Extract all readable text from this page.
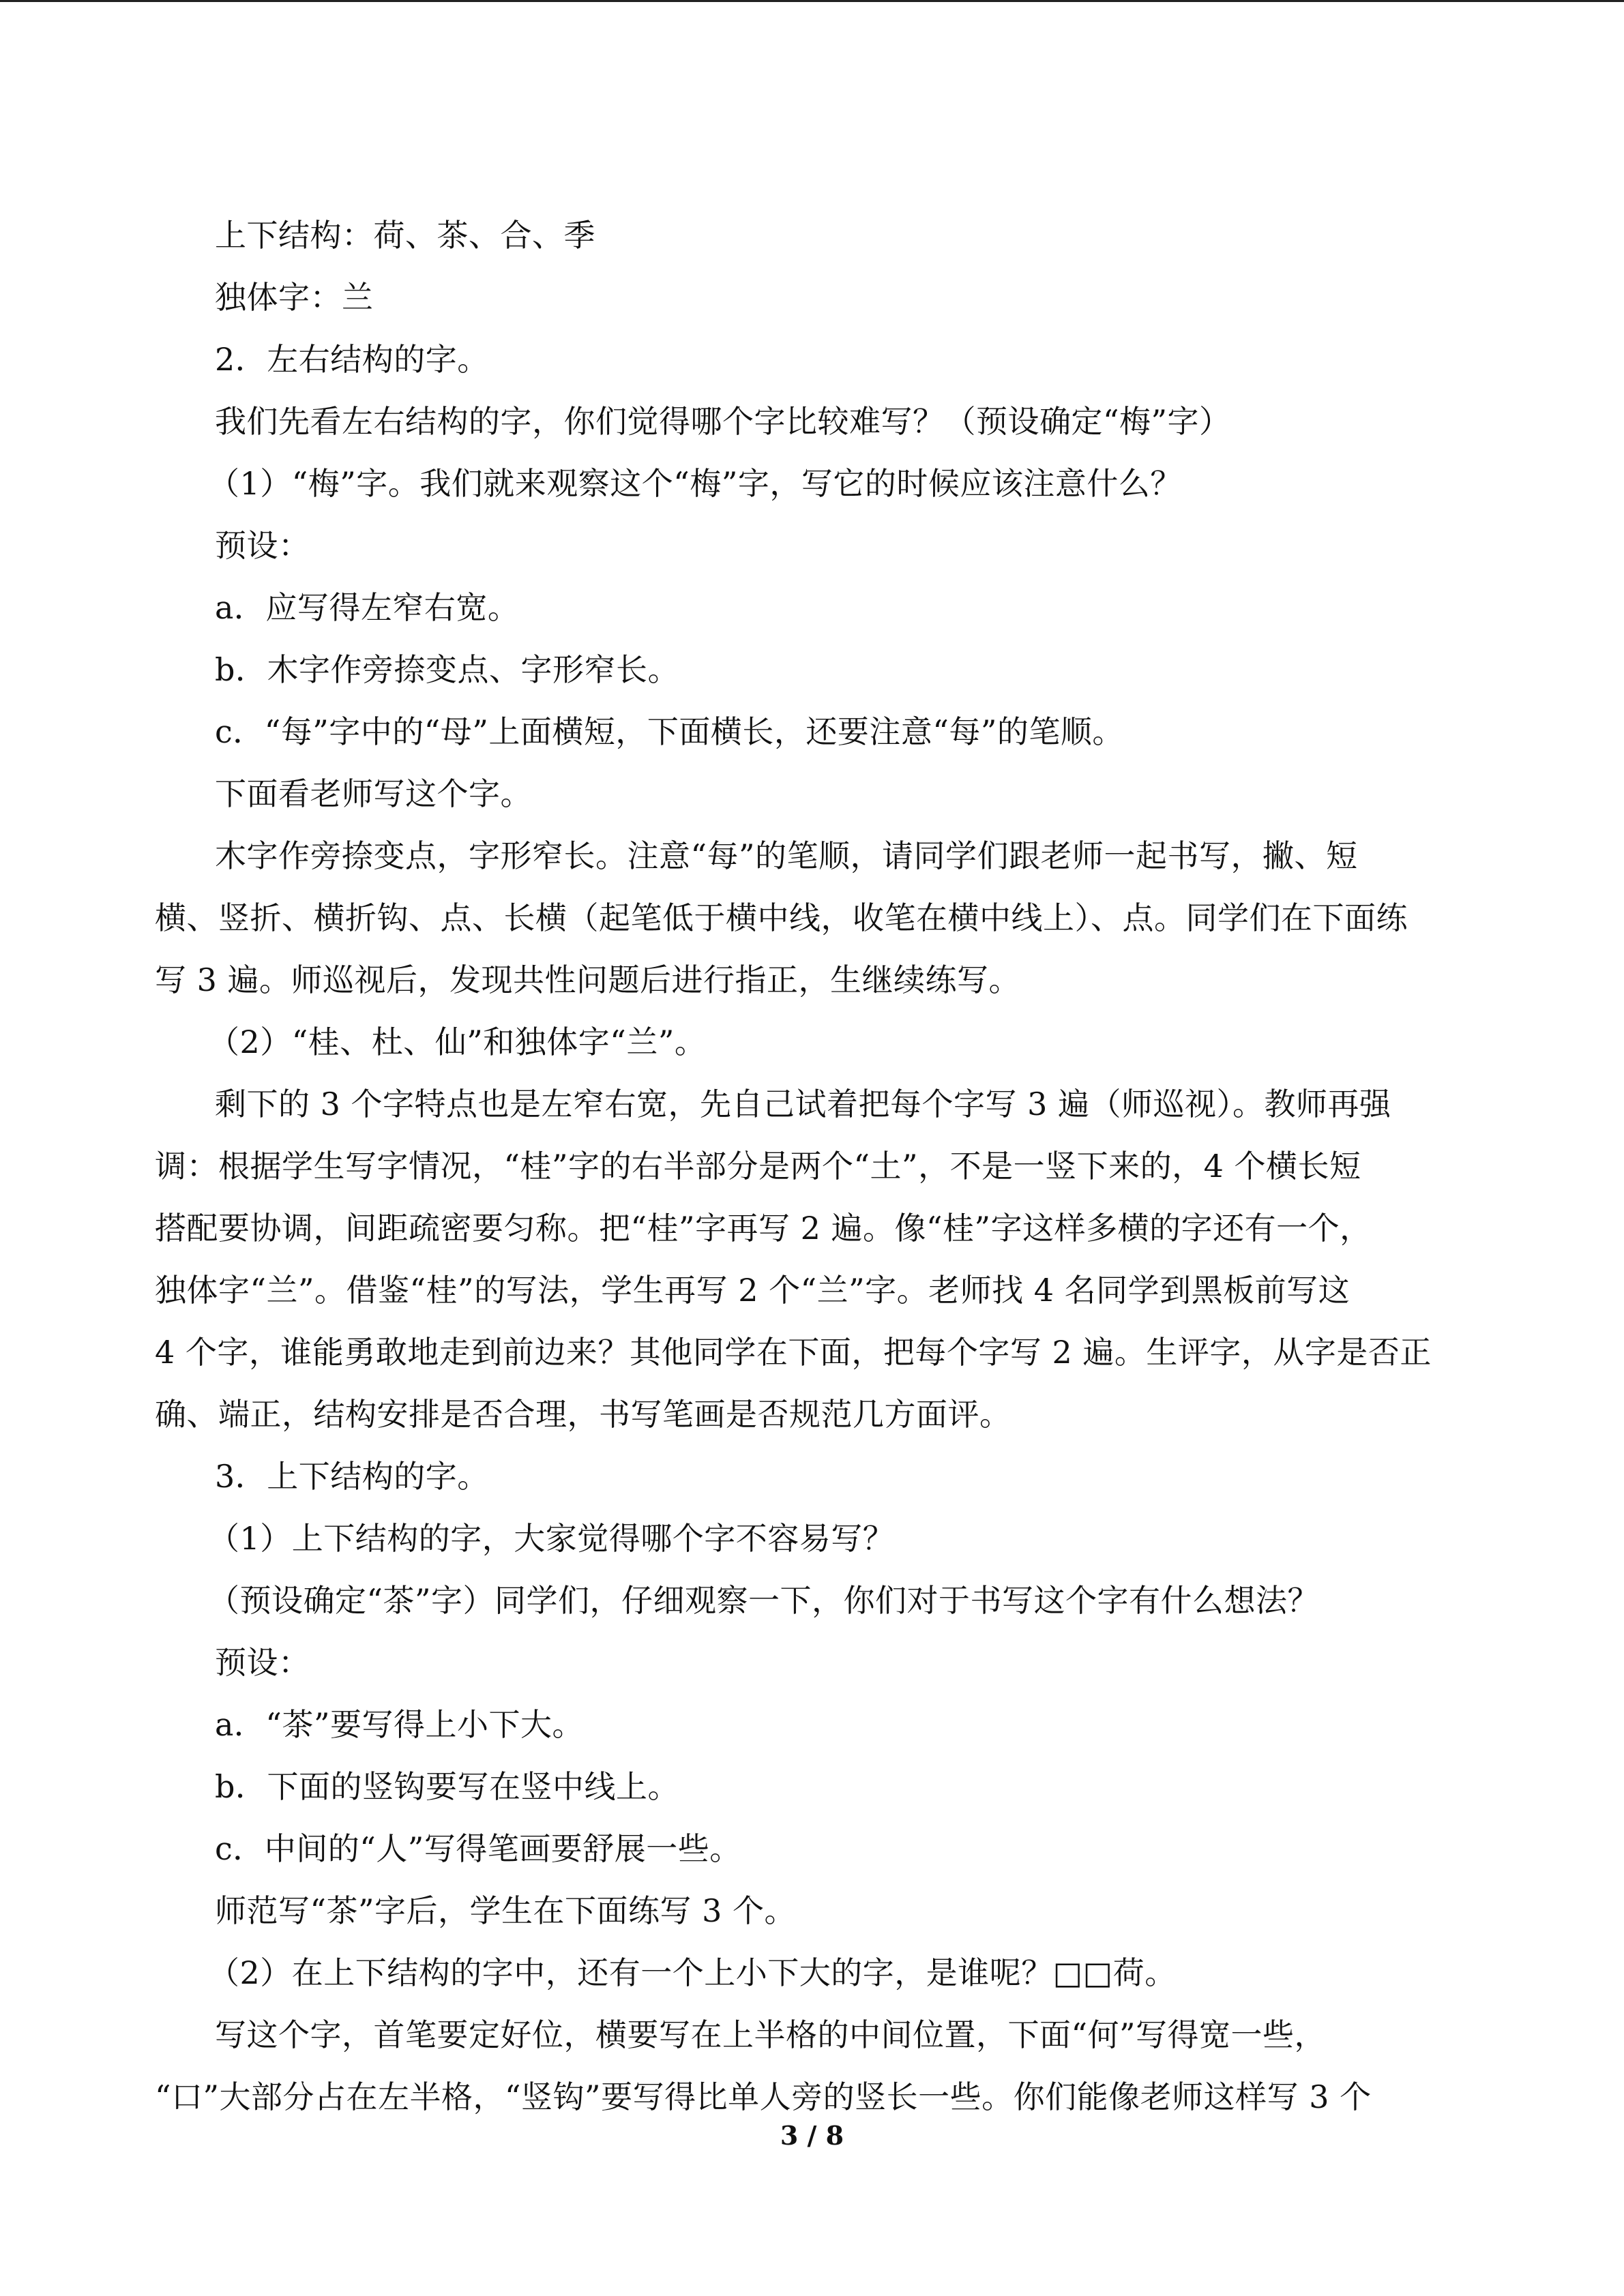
上下结构：荷、茶、合、季

独体字：兰

2．左右结构的字。

我们先看左右结构的字，你们觉得哪个字比较难写？（预设确定“梅”字）

（1）“梅”字。我们就来观察这个“梅”字，写它的时候应该注意什么？

预设：

a．应写得左窄右宽。

b．木字作旁捺变点、字形窄长。

c．“每”字中的“母”上面横短，下面横长，还要注意“每”的笔顺。

下面看老师写这个字。

木字作旁捺变点，字形窄长。注意“每”的笔顺，请同学们跟老师一起书写，撇、短

横、竖折、横折钩、点、长横（起笔低于横中线，收笔在横中线上）、点。同学们在下面练

写 3 遍。师巡视后，发现共性问题后进行指正，生继续练写。

（2）“桂、杜、仙”和独体字“兰”。

剩下的 3 个字特点也是左窄右宽，先自己试着把每个字写 3 遍（师巡视）。教师再强

调：根据学生写字情况，“桂”字的右半部分是两个“土”，不是一竖下来的，4 个横长短

搭配要协调，间距疏密要匀称。把“桂”字再写 2 遍。像“桂”字这样多横的字还有一个，

独体字“兰”。借鉴“桂”的写法，学生再写 2 个“兰”字。老师找 4 名同学到黑板前写这

4 个字，谁能勇敢地走到前边来？其他同学在下面，把每个字写 2 遍。生评字，从字是否正

确、端正，结构安排是否合理，书写笔画是否规范几方面评。

3．上下结构的字。

（1）上下结构的字，大家觉得哪个字不容易写？

（预设确定“茶”字）同学们，仔细观察一下，你们对于书写这个字有什么想法？

预设：

a．“茶”要写得上小下大。

b．下面的竖钩要写在竖中线上。

c．中间的“人”写得笔画要舒展一些。

师范写“茶”字后，学生在下面练写 3 个。

（2）在上下结构的字中，还有一个上小下大的字，是谁呢？□□荷。

写这个字，首笔要定好位，横要写在上半格的中间位置，下面“何”写得宽一些，

“口”大部分占在左半格，“竖钩”要写得比单人旁的竖长一些。你们能像老师这样写 3 个

3 / 8
